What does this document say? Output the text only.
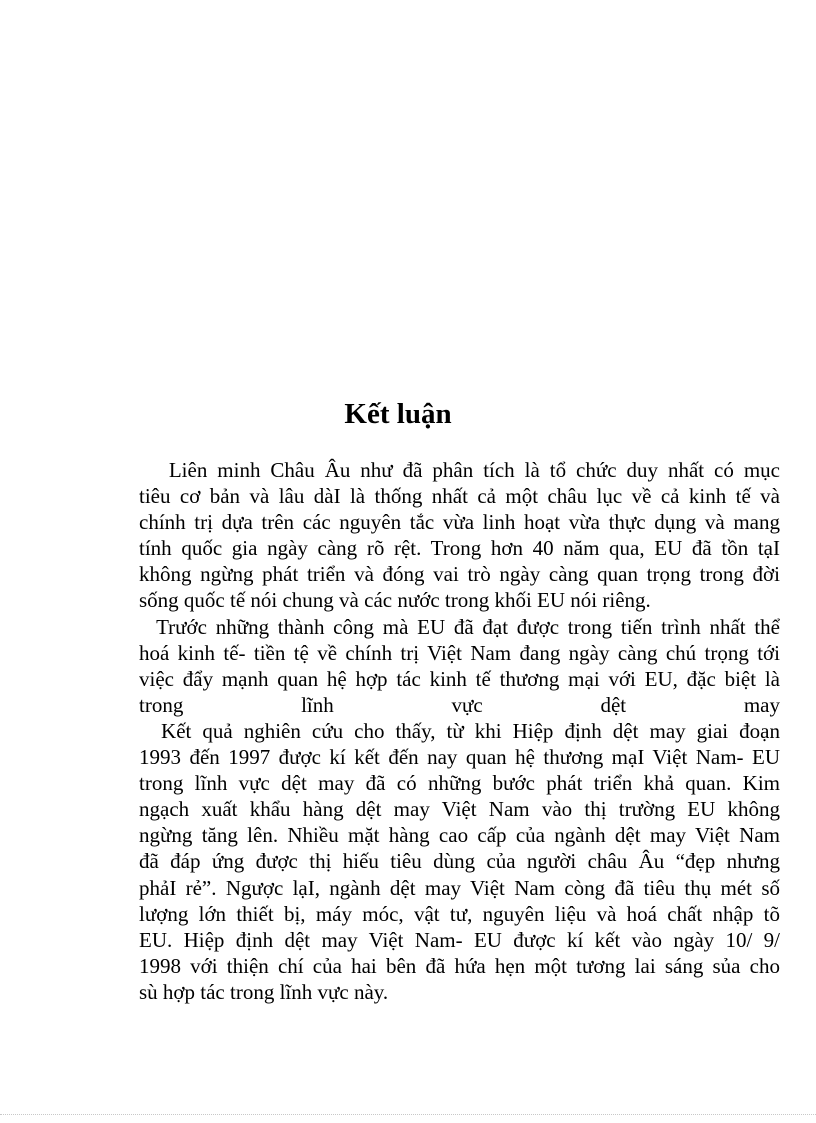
Kết luận
Liên minh Châu Âu như đã phân tích là tổ chức duy nhất có mục
tiêu cơ bản và lâu dàI là thống nhất cả một châu lục về cả kinh tế và
chính trị dựa trên các nguyên tắc vừa linh hoạt vừa thực dụng và mang
tính quốc gia ngày càng rõ rệt. Trong hơn 40 năm qua, EU đã tồn tạI
không ngừng phát triển và đóng vai trò ngày càng quan trọng trong đời
sống quốc tế nói chung và các nước trong khối EU nói riêng.
Trước những thành công mà EU đã đạt được trong tiến trình nhất thể
hoá kinh tế- tiền tệ về chính trị Việt Nam đang ngày càng chú trọng tới
việc đẩy mạnh quan hệ hợp tác kinh tế thương mại với EU, đặc biệt là
trong lĩnh vực dệt may
Kết quả nghiên cứu cho thấy, từ khi Hiệp định dệt may giai đoạn
1993 đến 1997 được kí kết đến nay quan hệ thương mạI Việt Nam- EU
trong lĩnh vực dệt may đã có những bước phát triển khả quan. Kim
ngạch xuất khẩu hàng dệt may Việt Nam vào thị trường EU không
ngừng tăng lên. Nhiều mặt hàng cao cấp của ngành dệt may Việt Nam
đã đáp ứng được thị hiếu tiêu dùng của người châu Âu “đẹp nhưng
phảI rẻ”. Ngược lạI, ngành dệt may Việt Nam còng đã tiêu thụ mét số
lượng lớn thiết bị, máy móc, vật tư, nguyên liệu và hoá chất nhập tõ
EU. Hiệp định dệt may Việt Nam- EU được kí kết vào ngày 10/ 9/
1998 với thiện chí của hai bên đã hứa hẹn một tương lai sáng sủa cho
sù hợp tác trong lĩnh vực này.
